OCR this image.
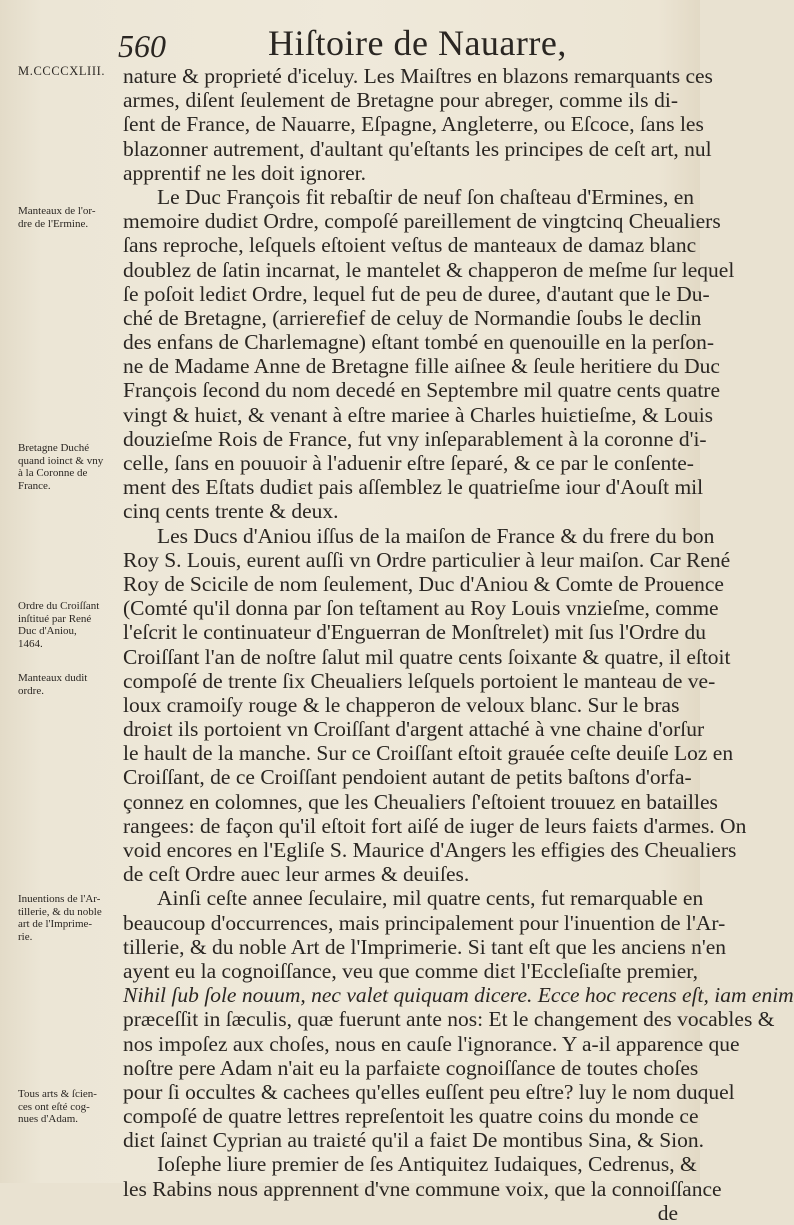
560	Hiſtoire de Nauarre,
M.CCCCXLIII.
Manteaux de l'or-
dre de l'Ermine.
Bretagne Duché
quand ioinct & vny
à la Coronne de
France.
Ordre du Croiſſant
inſtitué par René
Duc d'Aniou,
1464.
Manteaux dudit
ordre.
Inuentions de l'Ar-
tillerie, & du noble
art de l'Imprime-
rie.
Tous arts & ſcien-
ces ont eſté cog-
nues d'Adam.
nature & proprieté d'iceluy. Les Maiſtres en blazons remarquants ces
armes, diſent ſeulement de Bretagne pour abreger, comme ils di-
ſent de France, de Nauarre, Eſpagne, Angleterre, ou Eſcoce, ſans les
blazonner autrement, d'aultant qu'eſtants les principes de ceſt art, nul
apprentif ne les doit ignorer.
Le Duc François fit rebaſtir de neuf ſon chaſteau d'Ermines, en
memoire dudiɛt Ordre, compoſé pareillement de vingtcinq Cheualiers
ſans reproche, leſquels eſtoient veſtus de manteaux de damaz blanc
doublez de ſatin incarnat, le mantelet & chapperon de meſme ſur lequel
ſe poſoit lediɛt Ordre, lequel fut de peu de duree, d'autant que le Du-
ché de Bretagne, (arrierefief de celuy de Normandie ſoubs le declin
des enfans de Charlemagne) eſtant tombé en quenouille en la perſon-
ne de Madame Anne de Bretagne fille aiſnee & ſeule heritiere du Duc
François ſecond du nom decedé en Septembre mil quatre cents quatre
vingt & huiɛt, & venant à eſtre mariee à Charles huiɛtieſme, & Louis
douzieſme Rois de France, fut vny inſeparablement à la coronne d'i-
celle, ſans en pouuoir à l'aduenir eſtre ſeparé, & ce par le conſente-
ment des Eſtats dudiɛt pais aſſemblez le quatrieſme iour d'Aouſt mil
cinq cents trente & deux.
Les Ducs d'Aniou iſſus de la maiſon de France & du frere du bon
Roy S. Louis, eurent auſſi vn Ordre particulier à leur maiſon. Car René
Roy de Scicile de nom ſeulement, Duc d'Aniou & Comte de Prouence
(Comté qu'il donna par ſon teſtament au Roy Louis vnzieſme, comme
l'eſcrit le continuateur d'Enguerran de Monſtrelet) mit ſus l'Ordre du
Croiſſant l'an de noſtre ſalut mil quatre cents ſoixante & quatre, il eſtoit
compoſé de trente ſix Cheualiers leſquels portoient le manteau de ve-
loux cramoiſy rouge & le chapperon de veloux blanc. Sur le bras
droiɛt ils portoient vn Croiſſant d'argent attaché à vne chaine d'orſur
le hault de la manche. Sur ce Croiſſant eſtoit grauée ceſte deuiſe Loz en
Croiſſant, de ce Croiſſant pendoient autant de petits baſtons d'orfa-
çonnez en colomnes, que les Cheualiers ſ'eſtoient trouuez en batailles
rangees: de façon qu'il eſtoit fort aiſé de iuger de leurs faiɛts d'armes. On
void encores en l'Egliſe S. Maurice d'Angers les effigies des Cheualiers
de ceſt Ordre auec leur armes & deuiſes.
Ainſi ceſte annee ſeculaire, mil quatre cents, fut remarquable en
beaucoup d'occurrences, mais principalement pour l'inuention de l'Ar-
tillerie, & du noble Art de l'Imprimerie. Si tant eſt que les anciens n'en
ayent eu la cognoiſſance, veu que comme diɛt l'Eccleſiaſte premier,
Nihil ſub ſole nouum, nec valet quiquam dicere. Ecce hoc recens eſt, iam enim
præceſſit in ſæculis, quæ fuerunt ante nos: Et le changement des vocables &
nos impoſez aux choſes, nous en cauſe l'ignorance. Y a-il apparence que
noſtre pere Adam n'ait eu la parfaiɛte cognoiſſance de toutes choſes
pour ſi occultes & cachees qu'elles euſſent peu eſtre? luy le nom duquel
compoſé de quatre lettres repreſentoit les quatre coins du monde ce
diɛt ſainɛt Cyprian au traiɛté qu'il a faiɛt De montibus Sina, & Sion.
Ioſephe liure premier de ſes Antiquitez Iudaiques, Cedrenus, &
les Rabins nous apprennent d'vne commune voix, que la connoiſſance
de
